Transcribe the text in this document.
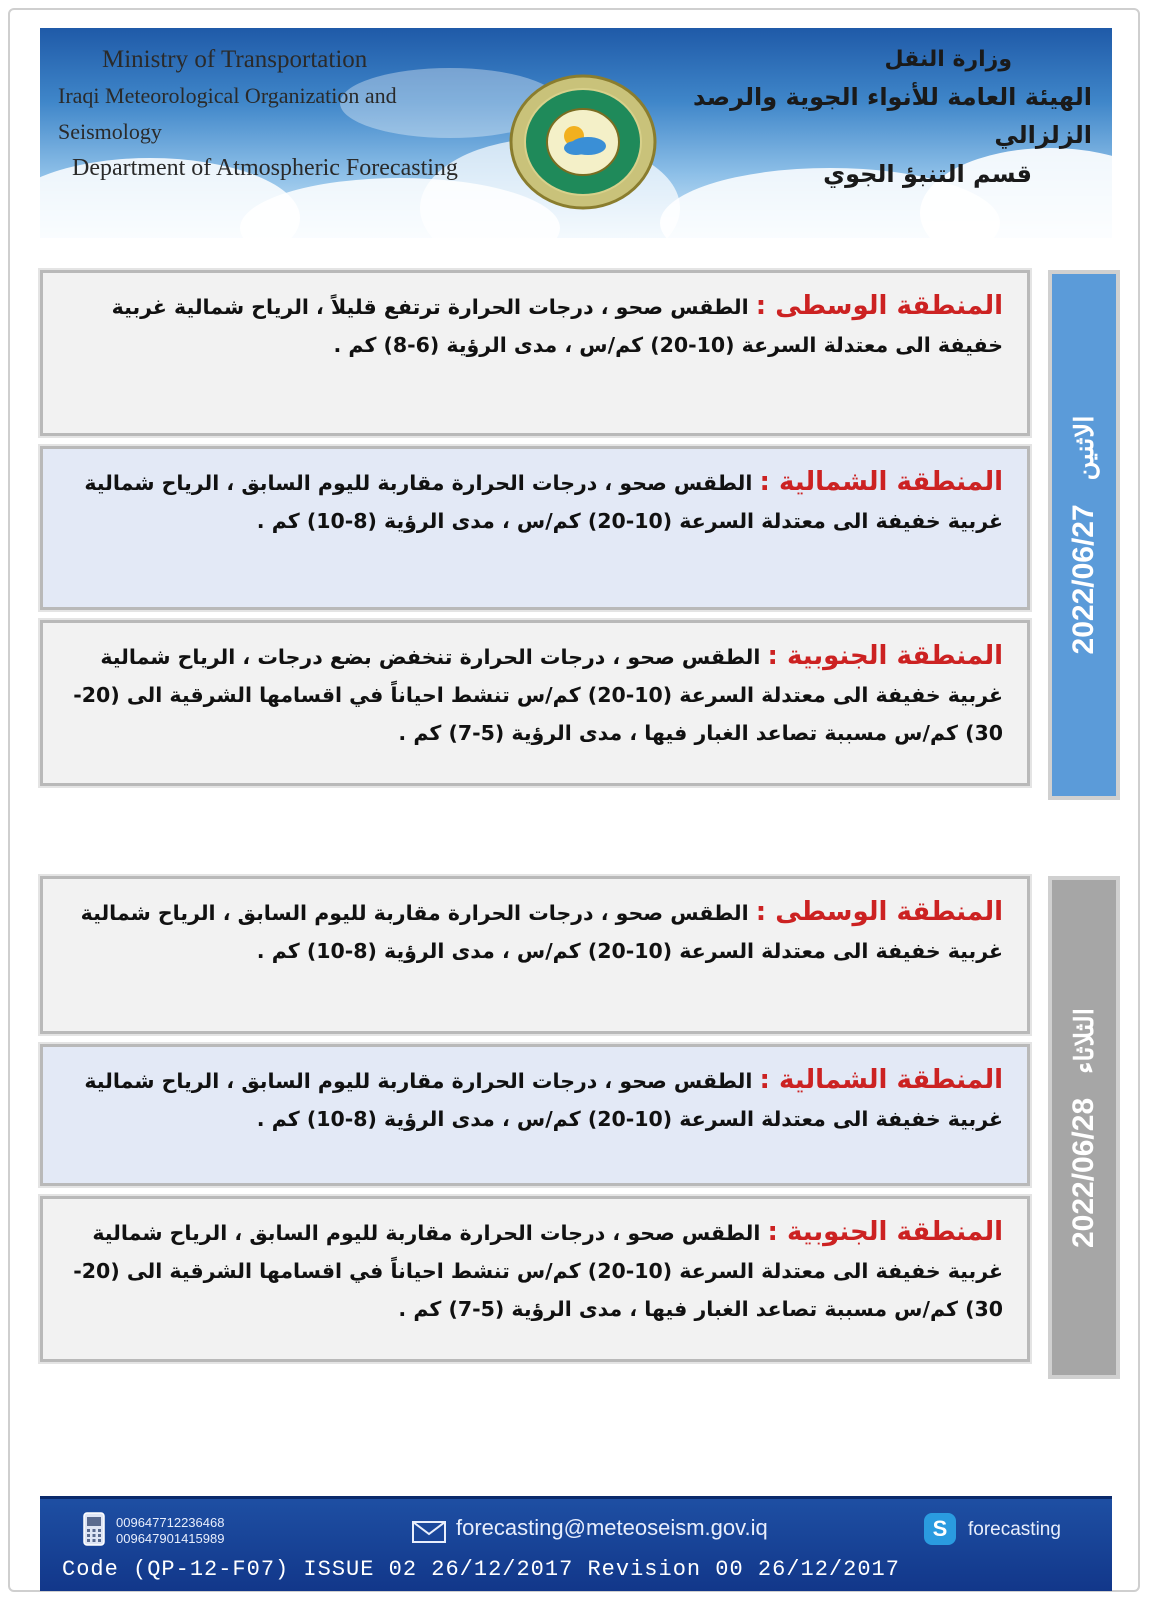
Ministry of Transportation
Iraqi Meteorological Organization and Seismology
Department of Atmospheric Forecasting
وزارة النقل
الهيئة العامة للأنواء الجوية والرصد الزلزالي
قسم التنبؤ الجوي
المنطقة الوسطى : الطقس صحو ، درجات الحرارة ترتفع قليلاً ، الرياح شمالية غربية خفيفة الى معتدلة السرعة (10-20) كم/س ، مدى الرؤية (6-8) كم .
المنطقة الشمالية : الطقس صحو ، درجات الحرارة مقاربة لليوم السابق ، الرياح شمالية غربية خفيفة الى معتدلة السرعة (10-20) كم/س ، مدى الرؤية (8-10) كم .
المنطقة الجنوبية : الطقس صحو ، درجات الحرارة تنخفض بضع درجات ، الرياح شمالية غربية خفيفة الى معتدلة السرعة (10-20) كم/س تنشط احياناً في اقسامها الشرقية الى (20-30) كم/س مسببة تصاعد الغبار فيها ، مدى الرؤية (5-7) كم .
2022/06/27الاثنين
المنطقة الوسطى : الطقس صحو ، درجات الحرارة مقاربة لليوم السابق ، الرياح شمالية غربية خفيفة الى معتدلة السرعة (10-20) كم/س ، مدى الرؤية (8-10) كم .
المنطقة الشمالية : الطقس صحو ، درجات الحرارة مقاربة لليوم السابق ، الرياح شمالية غربية خفيفة الى معتدلة السرعة (10-20) كم/س ، مدى الرؤية (8-10) كم .
المنطقة الجنوبية : الطقس صحو ، درجات الحرارة مقاربة لليوم السابق ، الرياح شمالية غربية خفيفة الى معتدلة السرعة (10-20) كم/س تنشط احياناً في اقسامها الشرقية الى (20-30) كم/س مسببة تصاعد الغبار فيها ، مدى الرؤية (5-7) كم .
2022/06/28الثلاثاء
009647712236468
009647901415989	forecasting@meteoseism.gov.iq	S	forecasting
Code (QP-12-F07) ISSUE 02 26/12/2017 Revision 00 26/12/2017
